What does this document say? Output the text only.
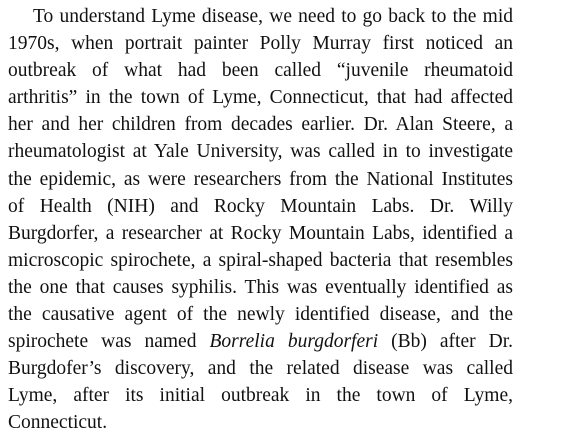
To understand Lyme disease, we need to go back to the mid
1970s, when portrait painter Polly Murray first noticed an
outbreak of what had been called “juvenile rheumatoid
arthritis” in the town of Lyme, Connecticut, that had affected
her and her children from decades earlier. Dr. Alan Steere, a
rheumatologist at Yale University, was called in to investigate
the epidemic, as were researchers from the National Institutes
of Health (NIH) and Rocky Mountain Labs. Dr. Willy
Burgdorfer, a researcher at Rocky Mountain Labs, identified a
microscopic spirochete, a spiral-shaped bacteria that resembles
the one that causes syphilis. This was eventually identified as
the causative agent of the newly identified disease, and the
spirochete was named Borrelia burgdorferi (Bb) after Dr.
Burgdofer’s discovery, and the related disease was called
Lyme, after its initial outbreak in the town of Lyme,
Connecticut.
